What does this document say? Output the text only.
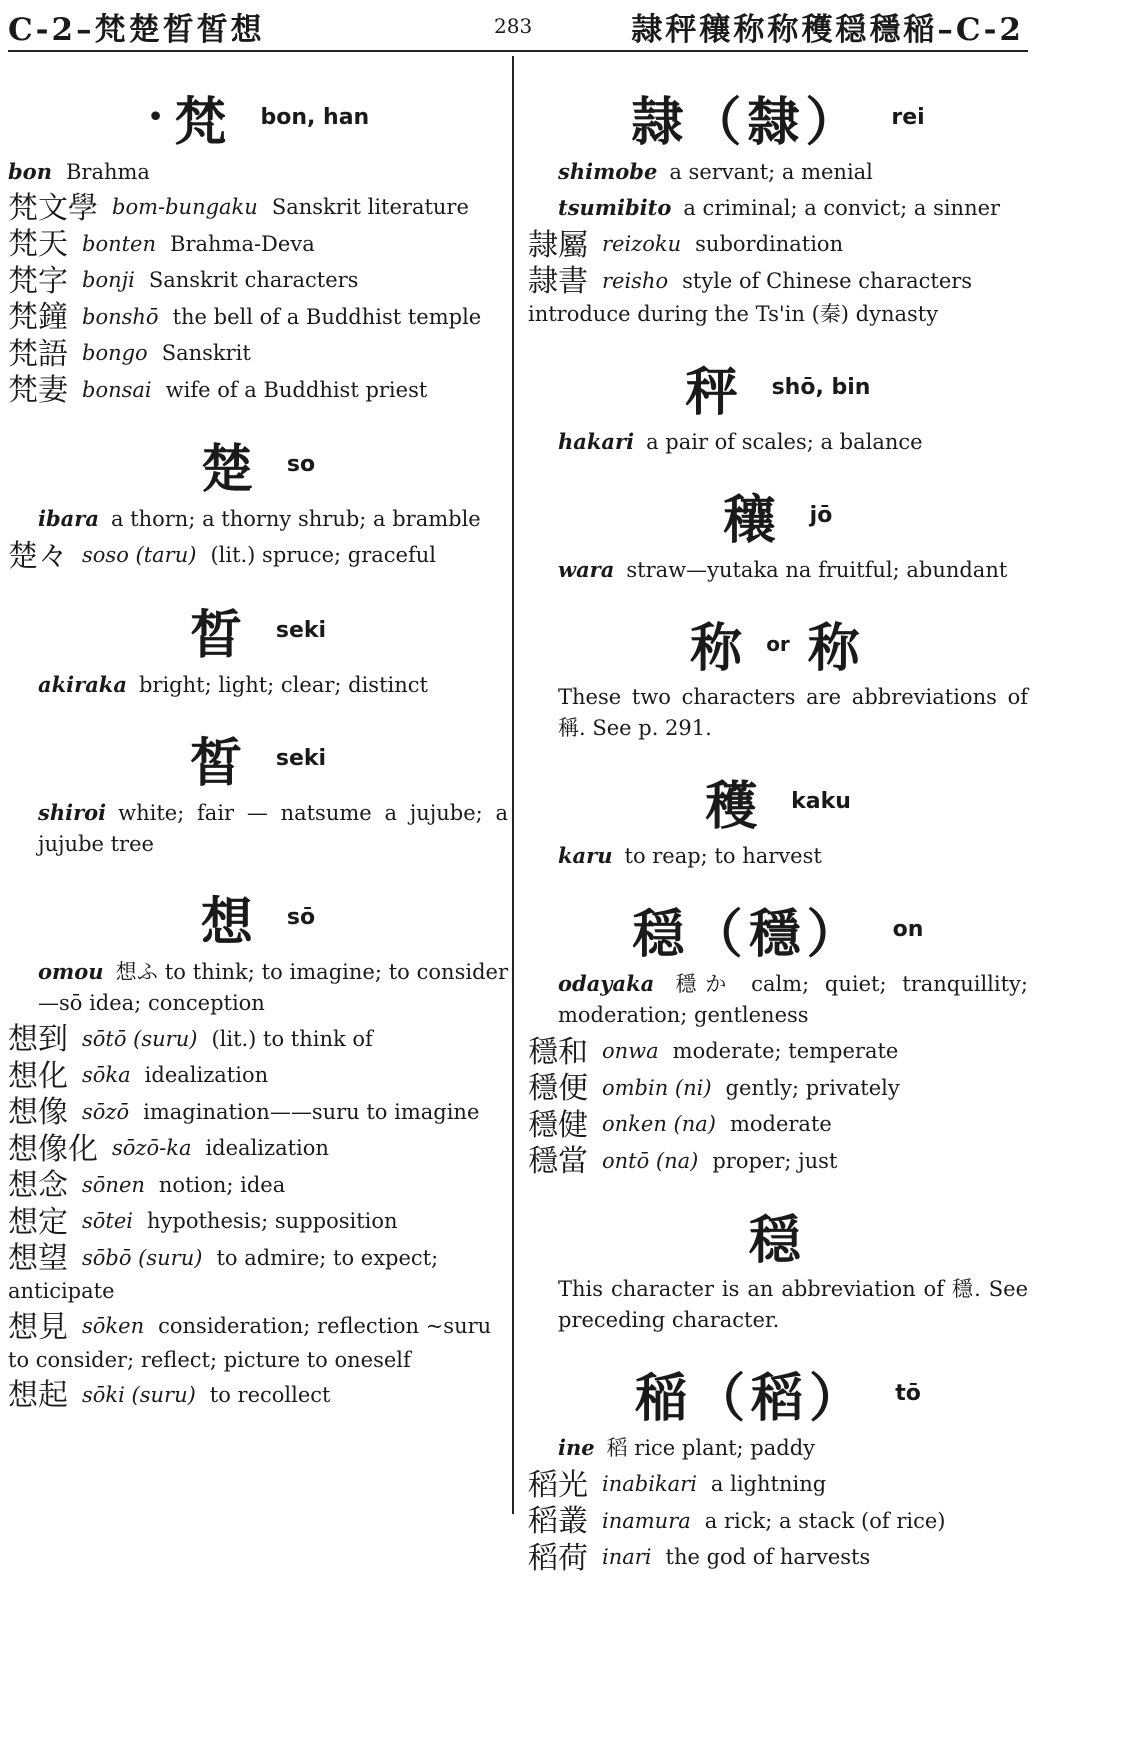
C-2–梵楚晳皙想	283	隷秤穰称称穫穏穩稲–C-2
• 梵 bon, han
bon Brahma
梵文學 bom-bungaku Sanskrit literature
梵天 bonten Brahma-Deva
梵字 bonji Sanskrit characters
梵鐘 bonshō the bell of a Buddhist temple
梵語 bongo Sanskrit
梵妻 bonsai wife of a Buddhist priest
楚 so
ibara a thorn; a thorny shrub; a bramble
楚々 soso (taru) (lit.) spruce; graceful
晳 seki
akiraka bright; light; clear; distinct
皙 seki
shiroi white; fair — natsume a jujube; a jujube tree
想 sō
omou 想ふ to think; to imagine; to consider—sō idea; conception
想到 sōtō (suru) (lit.) to think of
想化 sōka idealization
想像 sōzō imagination——suru to imagine
想像化 sōzō-ka idealization
想念 sōnen notion; idea
想定 sōtei hypothesis; supposition
想望 sōbō (suru) to admire; to expect; anticipate
想見 sōken consideration; reflection ~suru to consider; reflect; picture to oneself
想起 sōki (suru) to recollect
隷（隸） rei
shimobe a servant; a menial
tsumibito a criminal; a convict; a sinner
隷屬 reizoku subordination
隷書 reisho style of Chinese characters introduce during the Ts'in (秦) dynasty
秤 shō, bin
hakari a pair of scales; a balance
穰 jō
wara straw—yutaka na fruitful; abundant
称or 称
These two characters are abbreviations of 稱. See p. 291.
穫 kaku
karu to reap; to harvest
穏（穩） on
odayaka 穩か calm; quiet; tranquillity; moderation; gentleness
穩和 onwa moderate; temperate
穩便 ombin (ni) gently; privately
穩健 onken (na) moderate
穩當 ontō (na) proper; just
穏
This character is an abbreviation of 穩. See preceding character.
稲（稻） tō
ine 稻 rice plant; paddy
稻光 inabikari a lightning
稻叢 inamura a rick; a stack (of rice)
稻荷 inari the god of harvests
